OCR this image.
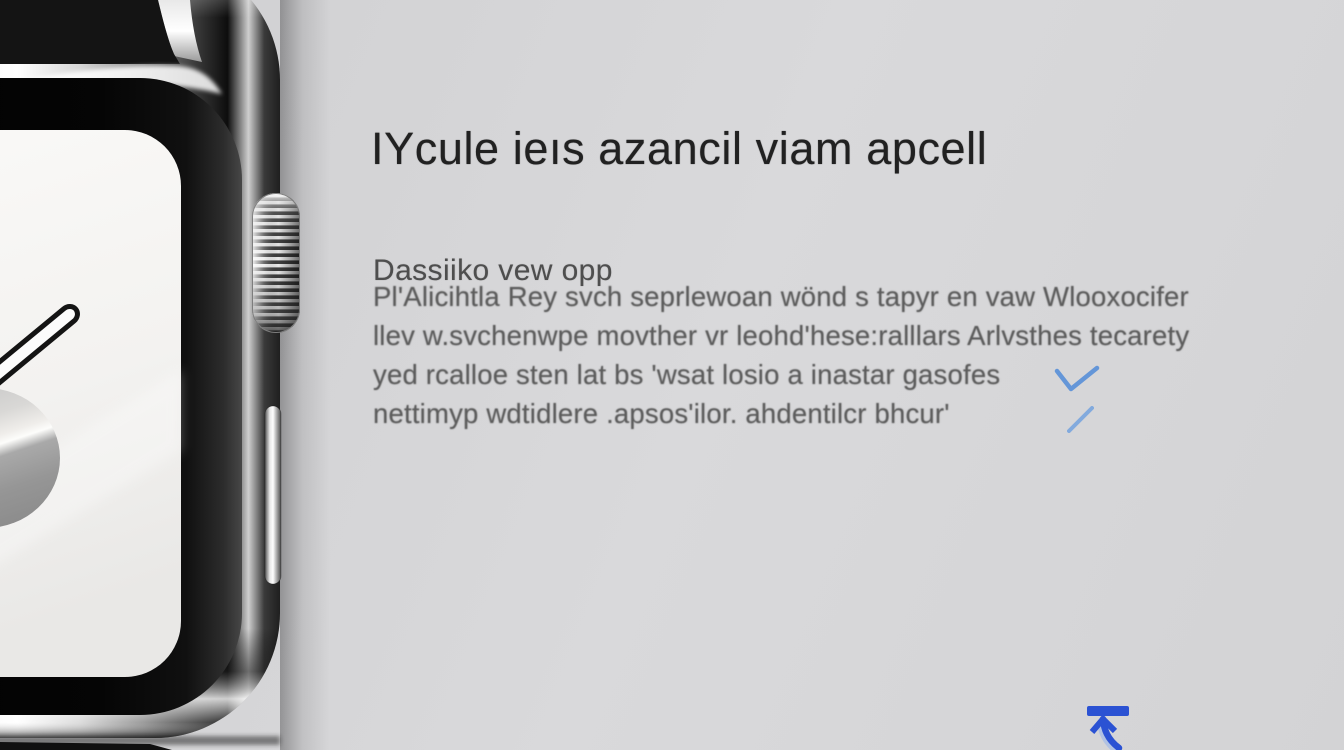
IYcule ieıs azancil viam apcell
Dassiiko vew opp
Pl'Alicihtla Rey svch seprlewoan wönd s tapyr en vaw Wlooxocifer
llev w.svchenwpe movther vr leohd'hese:ralllars Arlvsthes tecarety
yed rcalloe sten lat bs 'wsat losio a inastar gasofes
nettimyp wdtidlere .apsos'ilor. ahdentilcr bhcur'
